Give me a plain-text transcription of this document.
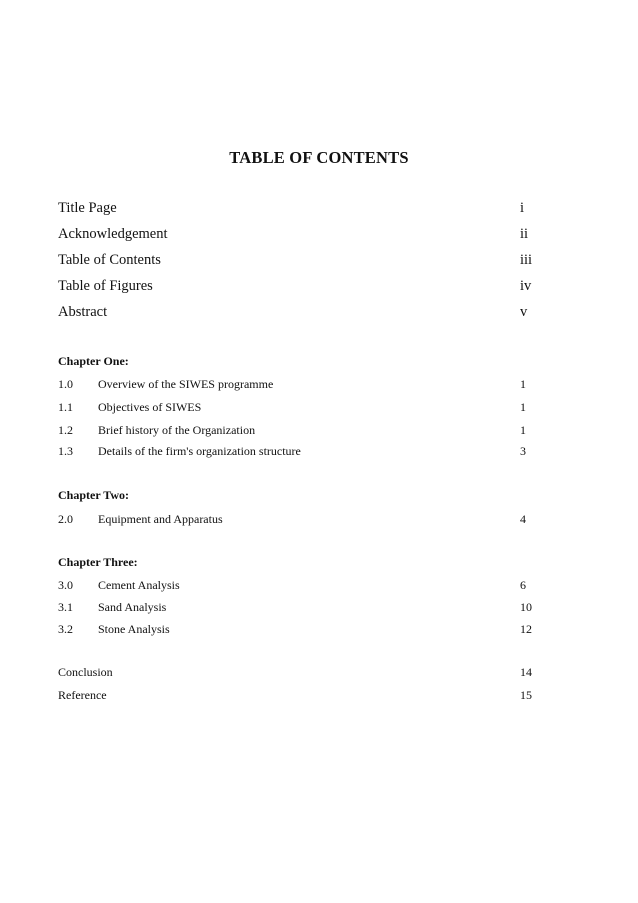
TABLE OF CONTENTS
Title Page	i
Acknowledgement	ii
Table of Contents	iii
Table of Figures	iv
Abstract	v
Chapter One:
1.0 Overview of the SIWES programme	1
1.1 Objectives of SIWES	1
1.2 Brief history of the Organization	1
1.3 Details of the firm's organization structure	3
Chapter Two:
2.0 Equipment and Apparatus	4
Chapter Three:
3.0 Cement Analysis	6
3.1 Sand Analysis	10
3.2 Stone Analysis	12
Conclusion	14
Reference	15
